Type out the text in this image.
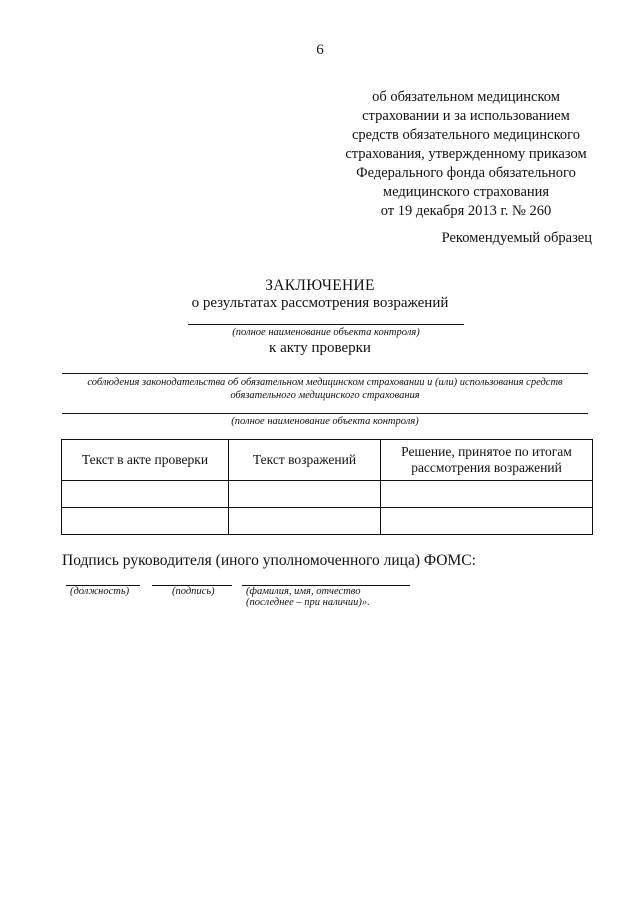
6
об обязательном медицинском
страховании и за использованием
средств обязательного медицинского
страхования, утвержденному приказом
Федерального фонда обязательного
медицинского страхования
от 19 декабря 2013 г. № 260
Рекомендуемый образец
ЗАКЛЮЧЕНИЕ
о результатах рассмотрения возражений
(полное наименование объекта контроля)
к акту проверки
соблюдения законодательства об обязательном медицинском страховании и (или) использования средств
обязательного медицинского страхования
(полное наименование объекта контроля)
Текст в акте проверки	Текст возражений	Решение, принятое по итогам рассмотрения возражений

Подпись руководителя (иного уполномоченного лица) ФОМС:
(должность)	(подпись)	(фамилия, имя, отчество
(последнее – при наличии)».
